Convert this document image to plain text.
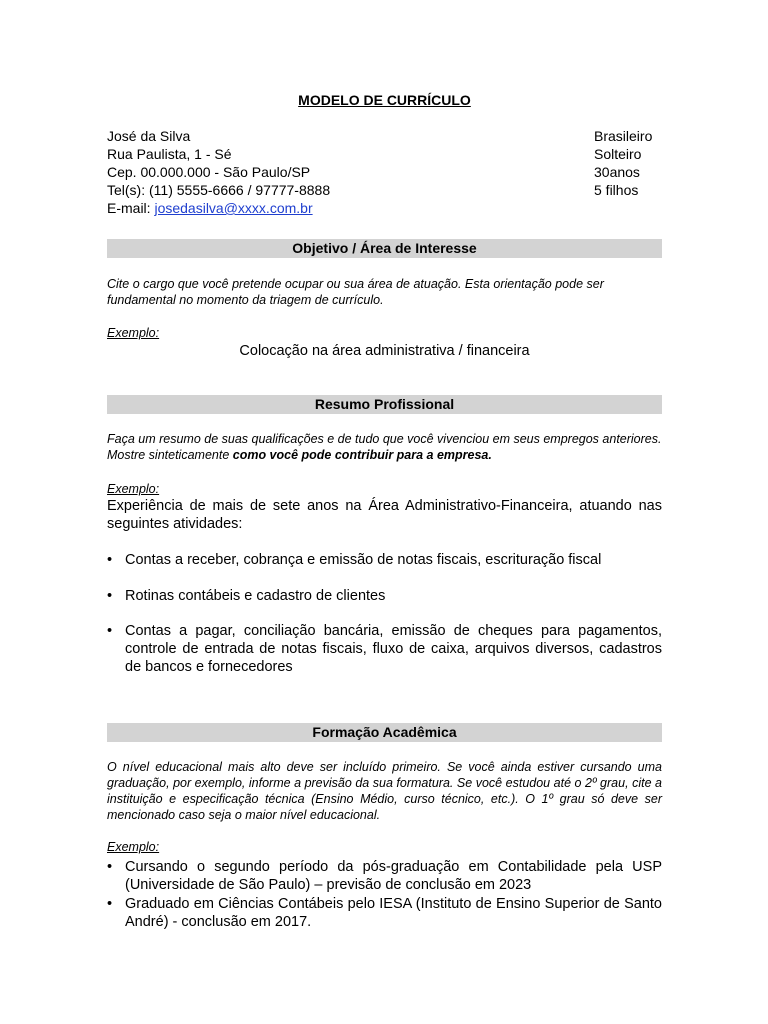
MODELO DE CURRÍCULO
José da Silva
Rua Paulista, 1 - Sé
Cep. 00.000.000 - São Paulo/SP
Tel(s): (11) 5555-6666 / 97777-8888
E-mail: josedasilva@xxxx.com.br
Brasileiro
Solteiro
30anos
5 filhos
Objetivo / Área de Interesse
Cite o cargo que você pretende ocupar ou sua área de atuação. Esta orientação pode ser fundamental no momento da triagem de currículo.
Exemplo:
Colocação na área administrativa / financeira
Resumo Profissional
Faça um resumo de suas qualificações e de tudo que você vivenciou em seus empregos anteriores. Mostre sinteticamente como você pode contribuir para a empresa.
Exemplo:
Experiência de mais de sete anos na Área Administrativo-Financeira, atuando nas seguintes atividades:
• Contas a receber, cobrança e emissão de notas fiscais, escrituração fiscal
• Rotinas contábeis e cadastro de clientes
• Contas a pagar, conciliação bancária, emissão de cheques para pagamentos, controle de entrada de notas fiscais, fluxo de caixa, arquivos diversos, cadastros de bancos e fornecedores
Formação Acadêmica
O nível educacional mais alto deve ser incluído primeiro. Se você ainda estiver cursando uma graduação, por exemplo, informe a previsão da sua formatura. Se você estudou até o 2º grau, cite a instituição e especificação técnica (Ensino Médio, curso técnico, etc.). O 1º grau só deve ser mencionado caso seja o maior nível educacional.
Exemplo:
• Cursando o segundo período da pós-graduação em Contabilidade pela USP (Universidade de São Paulo) – previsão de conclusão em 2023
• Graduado em Ciências Contábeis pelo IESA (Instituto de Ensino Superior de Santo André) - conclusão em 2017.
